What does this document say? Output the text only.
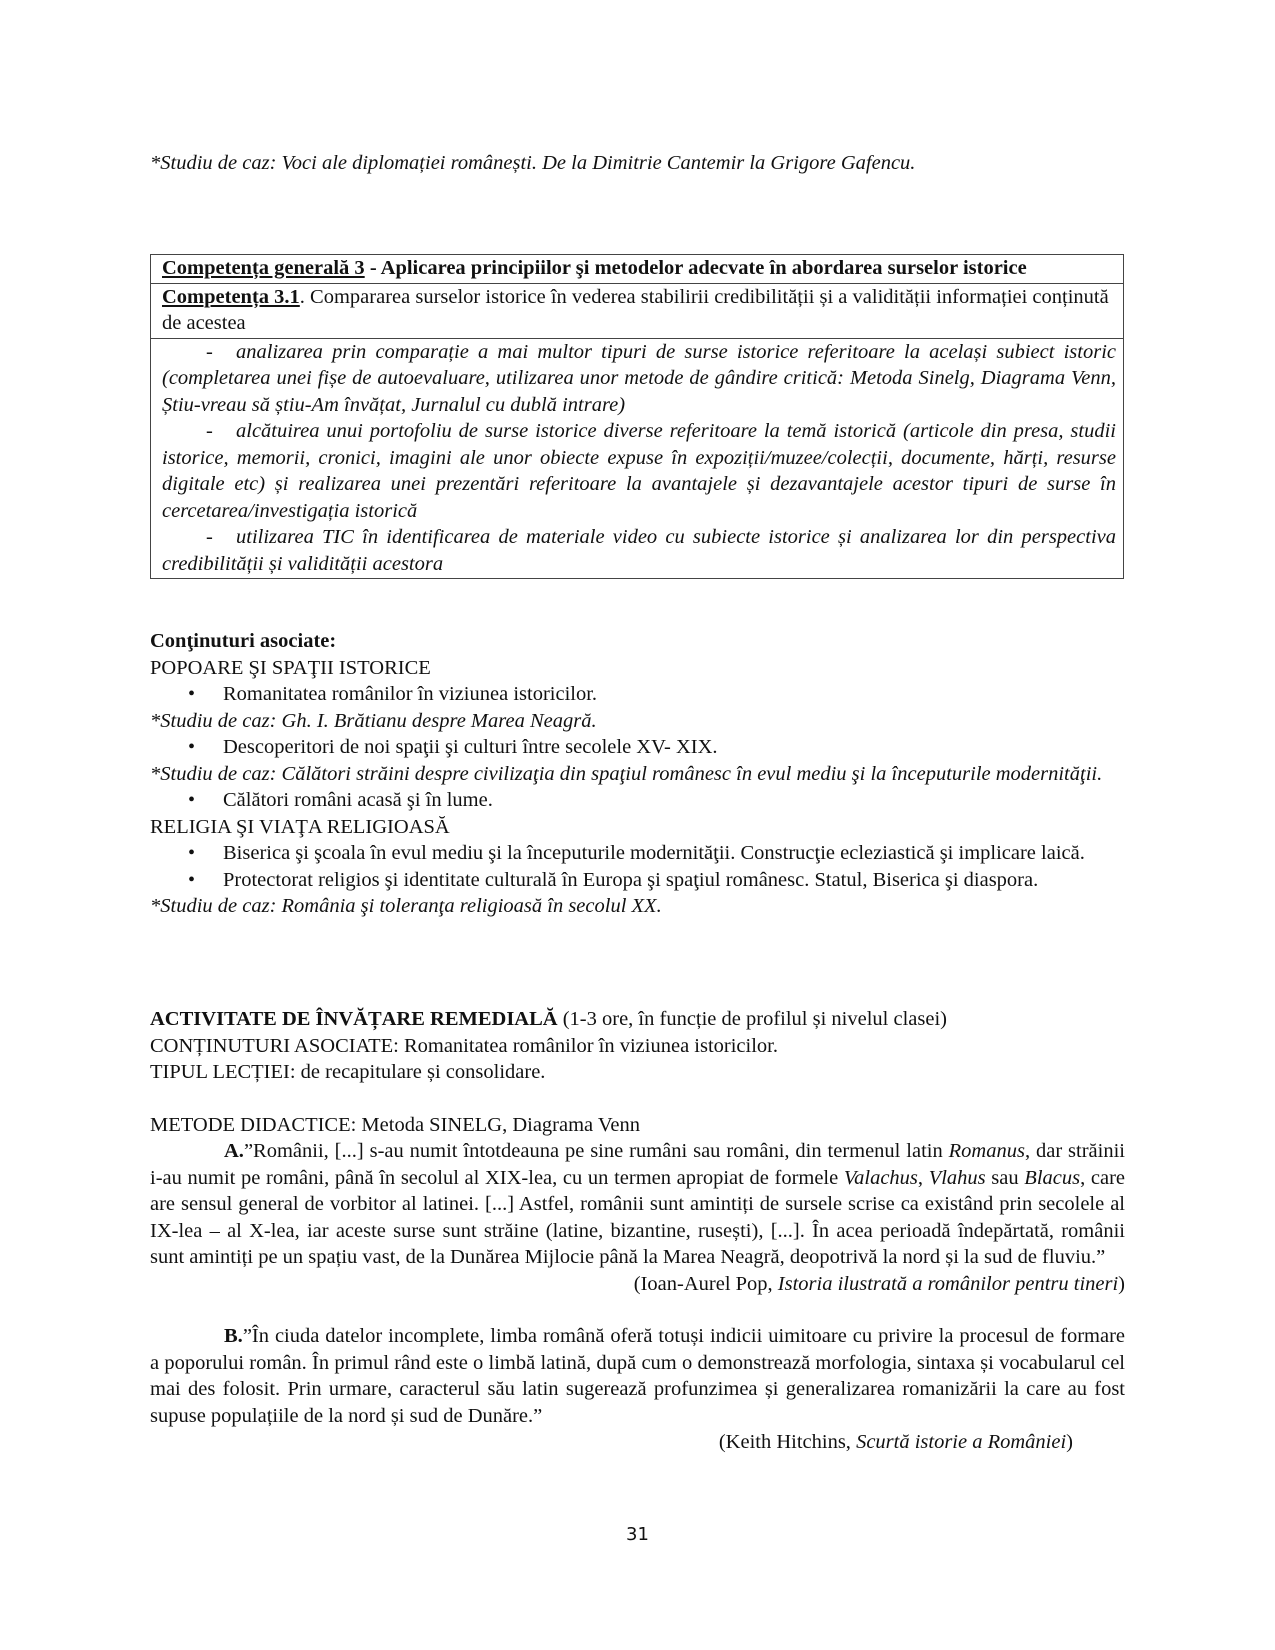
*Studiu de caz: Voci ale diplomației românești. De la Dimitrie Cantemir la Grigore Gafencu.
Competența generală 3 - Aplicarea principiilor şi metodelor adecvate în abordarea surselor istorice
Competența 3.1. Compararea surselor istorice în vederea stabilirii credibilității și a validității informației conținută de acestea

- analizarea prin comparație a mai multor tipuri de surse istorice referitoare la același subiect istoric (completarea unei fișe de autoevaluare, utilizarea unor metode de gândire critică: Metoda Sinelg, Diagrama Venn, Știu-vreau să știu-Am învățat, Jurnalul cu dublă intrare)
- alcătuirea unui portofoliu de surse istorice diverse referitoare la temă istorică (articole din presa, studii istorice, memorii, cronici, imagini ale unor obiecte expuse în expoziții/muzee/colecții, documente, hărți, resurse digitale etc) și realizarea unei prezentări referitoare la avantajele și dezavantajele acestor tipuri de surse în cercetarea/investigația istorică
- utilizarea TIC în identificarea de materiale video cu subiecte istorice și analizarea lor din perspectiva credibilității și validității acestora

Conţinuturi asociate:

POPOARE ŞI SPAŢII ISTORICE

• Romanitatea românilor în viziunea istoricilor.

*Studiu de caz: Gh. I. Brătianu despre Marea Neagră.

• Descoperitori de noi spaţii şi culturi între secolele XV- XIX.

*Studiu de caz: Călători străini despre civilizaţia din spaţiul românesc în evul mediu şi la începuturile modernităţii.

• Călători români acasă şi în lume.

RELIGIA ŞI VIAŢA RELIGIOASĂ

• Biserica şi şcoala în evul mediu şi la începuturile modernităţii. Construcţie ecleziastică şi implicare laică.
• Protectorat religios şi identitate culturală în Europa şi spaţiul românesc. Statul, Biserica şi diaspora.

*Studiu de caz: România şi toleranţa religioasă în secolul XX.

ACTIVITATE DE ÎNVĂȚARE REMEDIALĂ (1-3 ore, în funcție de profilul și nivelul clasei)

CONȚINUTURI ASOCIATE: Romanitatea românilor în viziunea istoricilor.

TIPUL LECȚIEI: de recapitulare și consolidare.

METODE DIDACTICE: Metoda SINELG, Diagrama Venn

A.”Românii, [...] s-au numit întotdeauna pe sine rumâni sau români, din termenul latin Romanus, dar străinii i-au numit pe români, până în secolul al XIX-lea, cu un termen apropiat de formele Valachus, Vlahus sau Blacus, care are sensul general de vorbitor al latinei. [...] Astfel, românii sunt amintiți de sursele scrise ca existând prin secolele al IX-lea – al X-lea, iar aceste surse sunt străine (latine, bizantine, rusești), [...]. În acea perioadă îndepărtată, românii sunt amintiți pe un spațiu vast, de la Dunărea Mijlocie până la Marea Neagră, deopotrivă la nord și la sud de fluviu.”

(Ioan-Aurel Pop, Istoria ilustrată a românilor pentru tineri)

B.”În ciuda datelor incomplete, limba română oferă totuși indicii uimitoare cu privire la procesul de formare a poporului român. În primul rând este o limbă latină, după cum o demonstrează morfologia, sintaxa și vocabularul cel mai des folosit. Prin urmare, caracterul său latin sugerează profunzimea și generalizarea romanizării la care au fost supuse populațiile de la nord și sud de Dunăre.”

(Keith Hitchins, Scurtă istorie a României)

31
